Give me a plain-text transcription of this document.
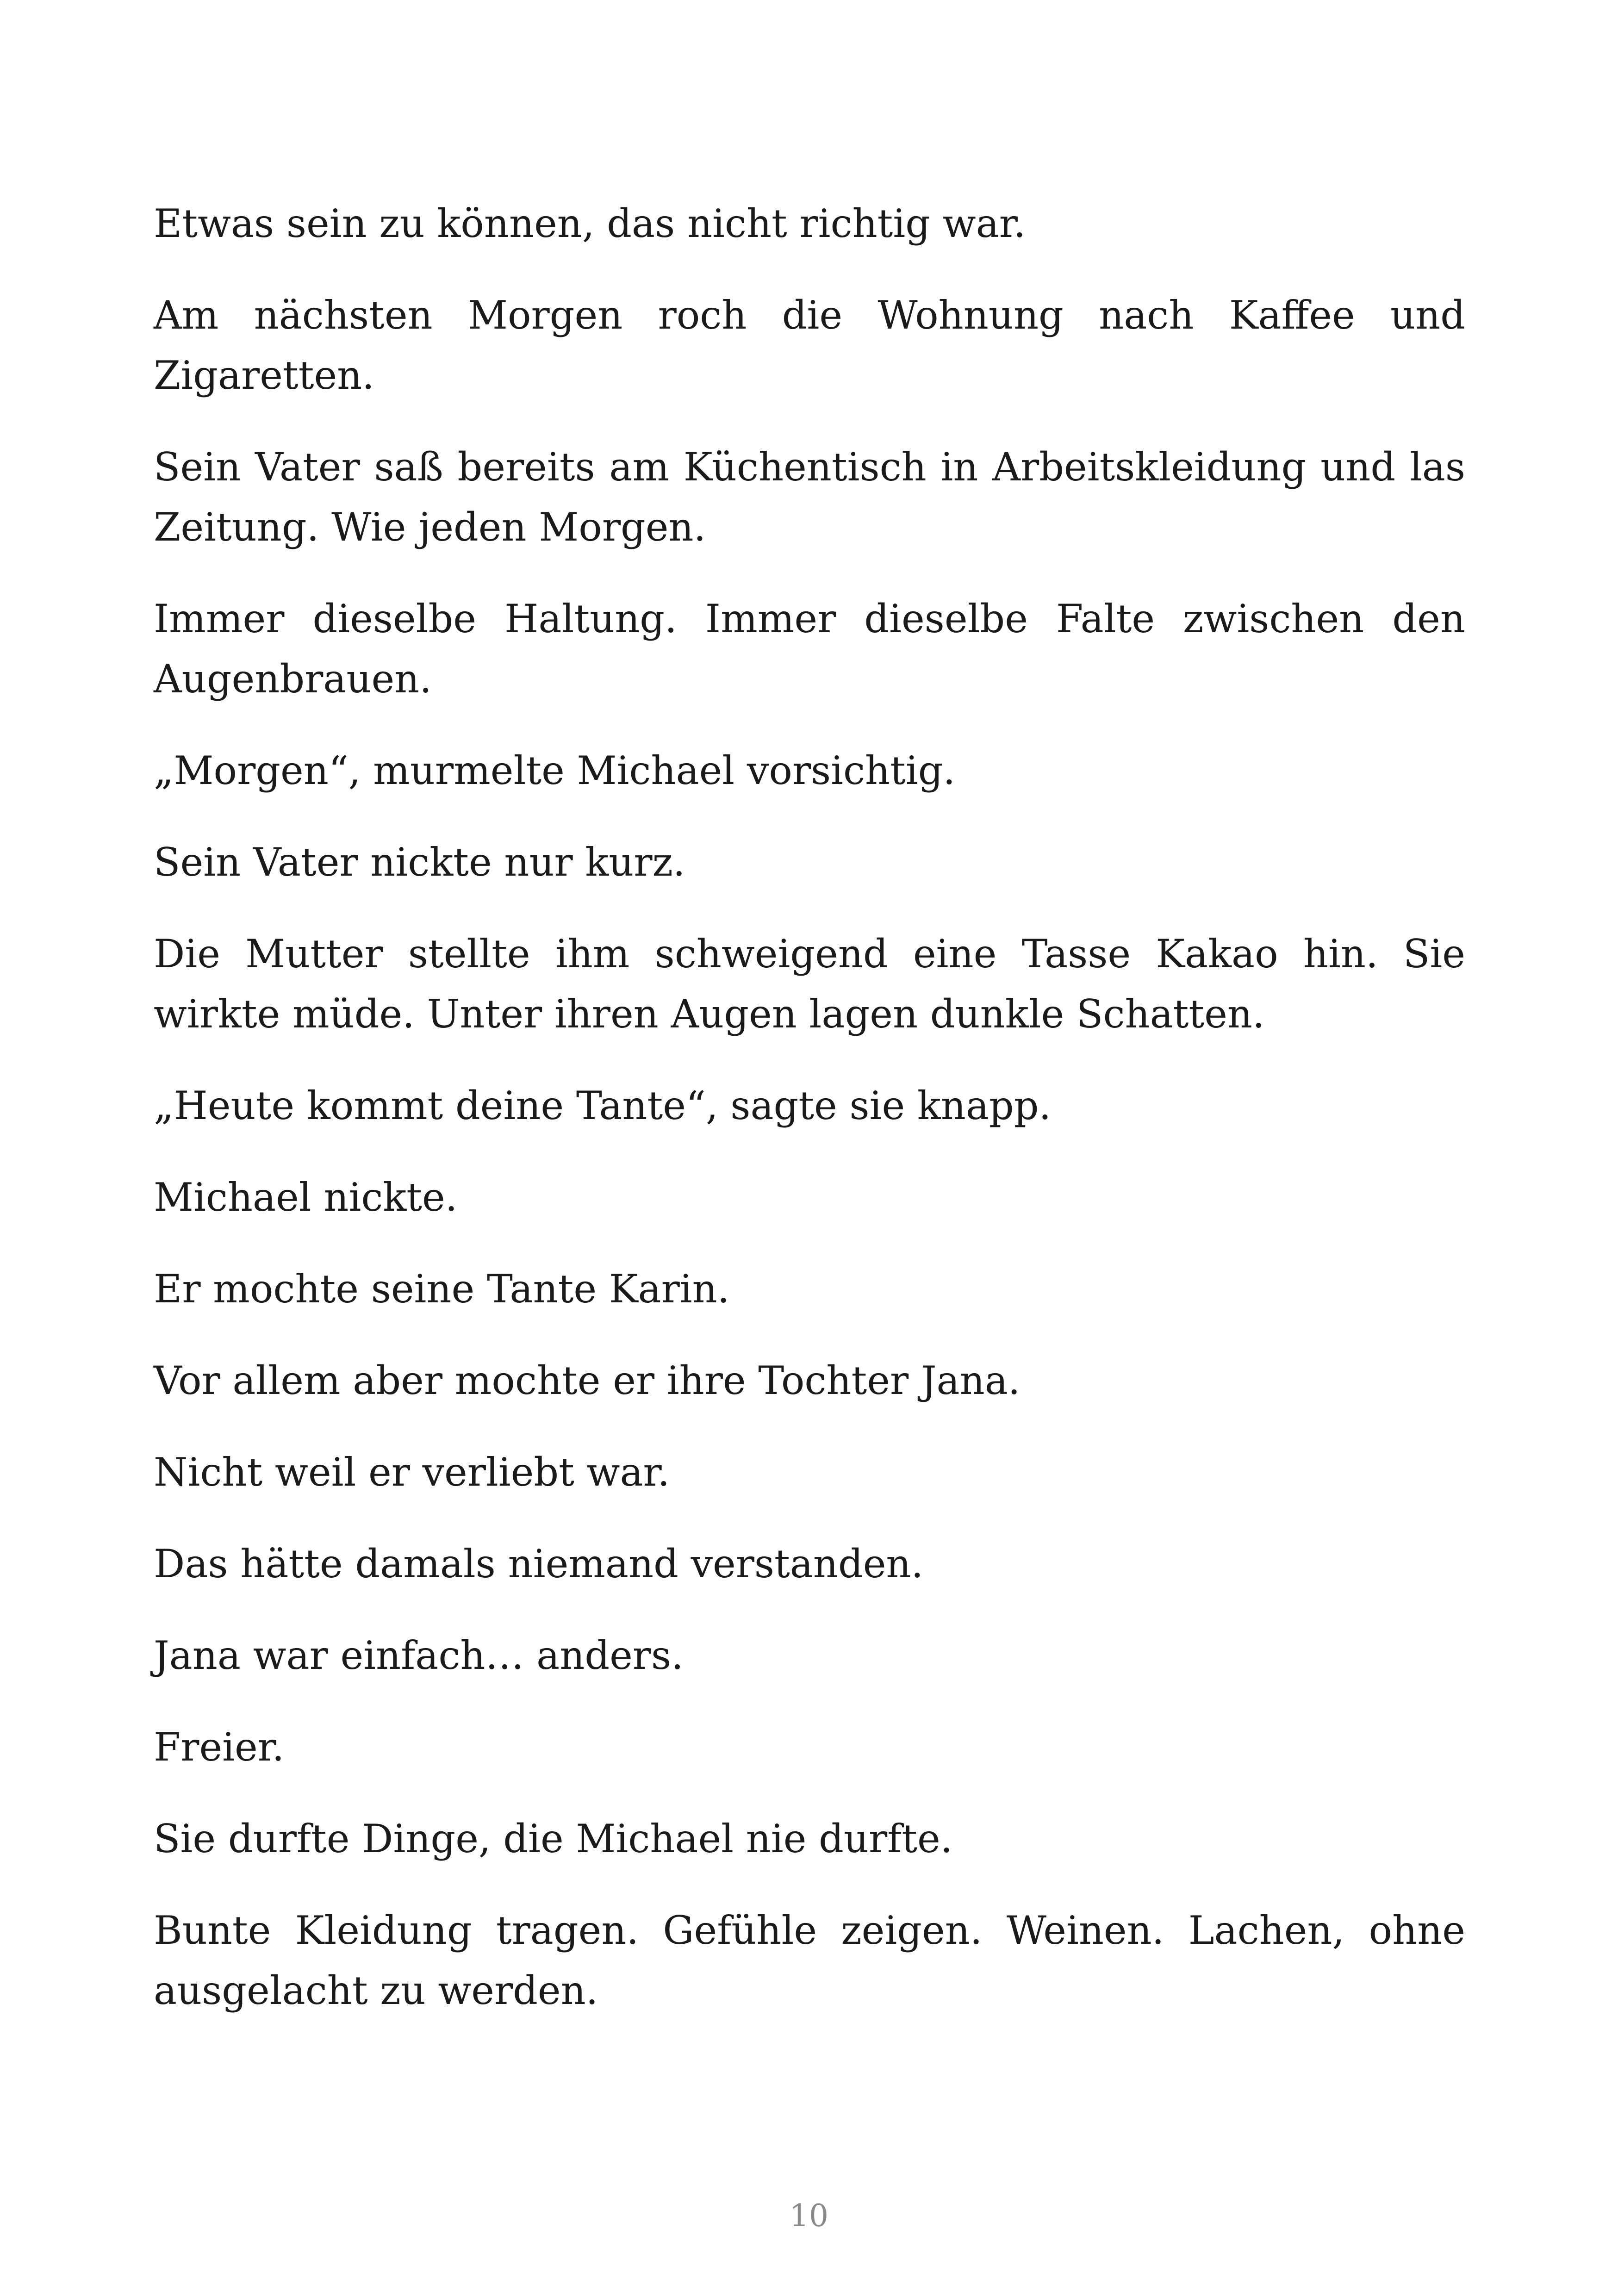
Etwas sein zu können, das nicht richtig war.

Am nächsten Morgen roch die Wohnung nach Kaffee und Zigaretten.

Sein Vater saß bereits am Küchentisch in Arbeitskleidung und las Zeitung. Wie jeden Morgen.

Immer dieselbe Haltung. Immer dieselbe Falte zwischen den Augenbrauen.

„Morgen“, murmelte Michael vorsichtig.

Sein Vater nickte nur kurz.

Die Mutter stellte ihm schweigend eine Tasse Kakao hin. Sie wirkte müde. Unter ihren Augen lagen dunkle Schatten.

„Heute kommt deine Tante“, sagte sie knapp.

Michael nickte.

Er mochte seine Tante Karin.

Vor allem aber mochte er ihre Tochter Jana.

Nicht weil er verliebt war.

Das hätte damals niemand verstanden.

Jana war einfach… anders.

Freier.

Sie durfte Dinge, die Michael nie durfte.

Bunte Kleidung tragen. Gefühle zeigen. Weinen. Lachen, ohne ausgelacht zu werden.

10
